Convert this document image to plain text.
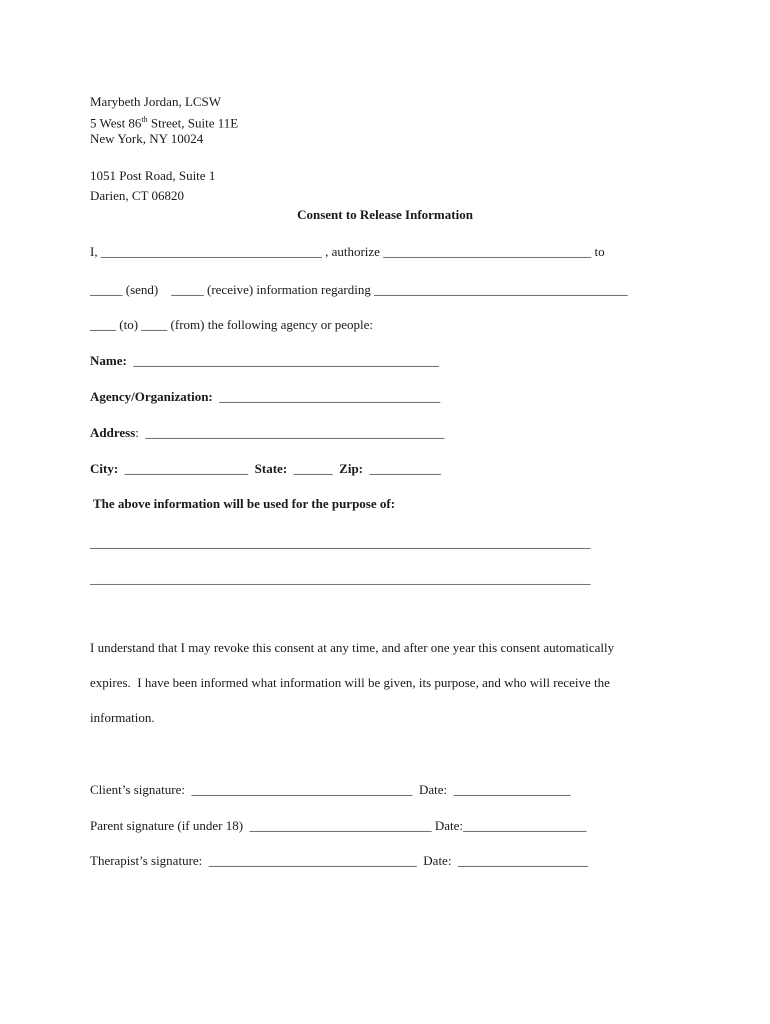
Marybeth Jordan, LCSW
5 West 86th Street, Suite 11E
New York, NY 10024
1051 Post Road, Suite 1
Darien, CT 06820
Consent to Release Information
I, __________________________________ , authorize ________________________________ to
_____ (send)    _____ (receive) information regarding _______________________________________
____ (to) ____ (from) the following agency or people:
Name:  _______________________________________________
Agency/Organization:  __________________________________
Address:  ______________________________________________
City:  ___________________  State:  ______  Zip:  ___________
The above information will be used for the purpose of:
_____________________________________________________________________________
_____________________________________________________________________________
I understand that I may revoke this consent at any time, and after one year this consent automatically
expires.  I have been informed what information will be given, its purpose, and who will receive the
information.
Client’s signature:  __________________________________  Date:  __________________
Parent signature (if under 18)  ____________________________ Date:___________________
Therapist’s signature:  ________________________________  Date:  ____________________
